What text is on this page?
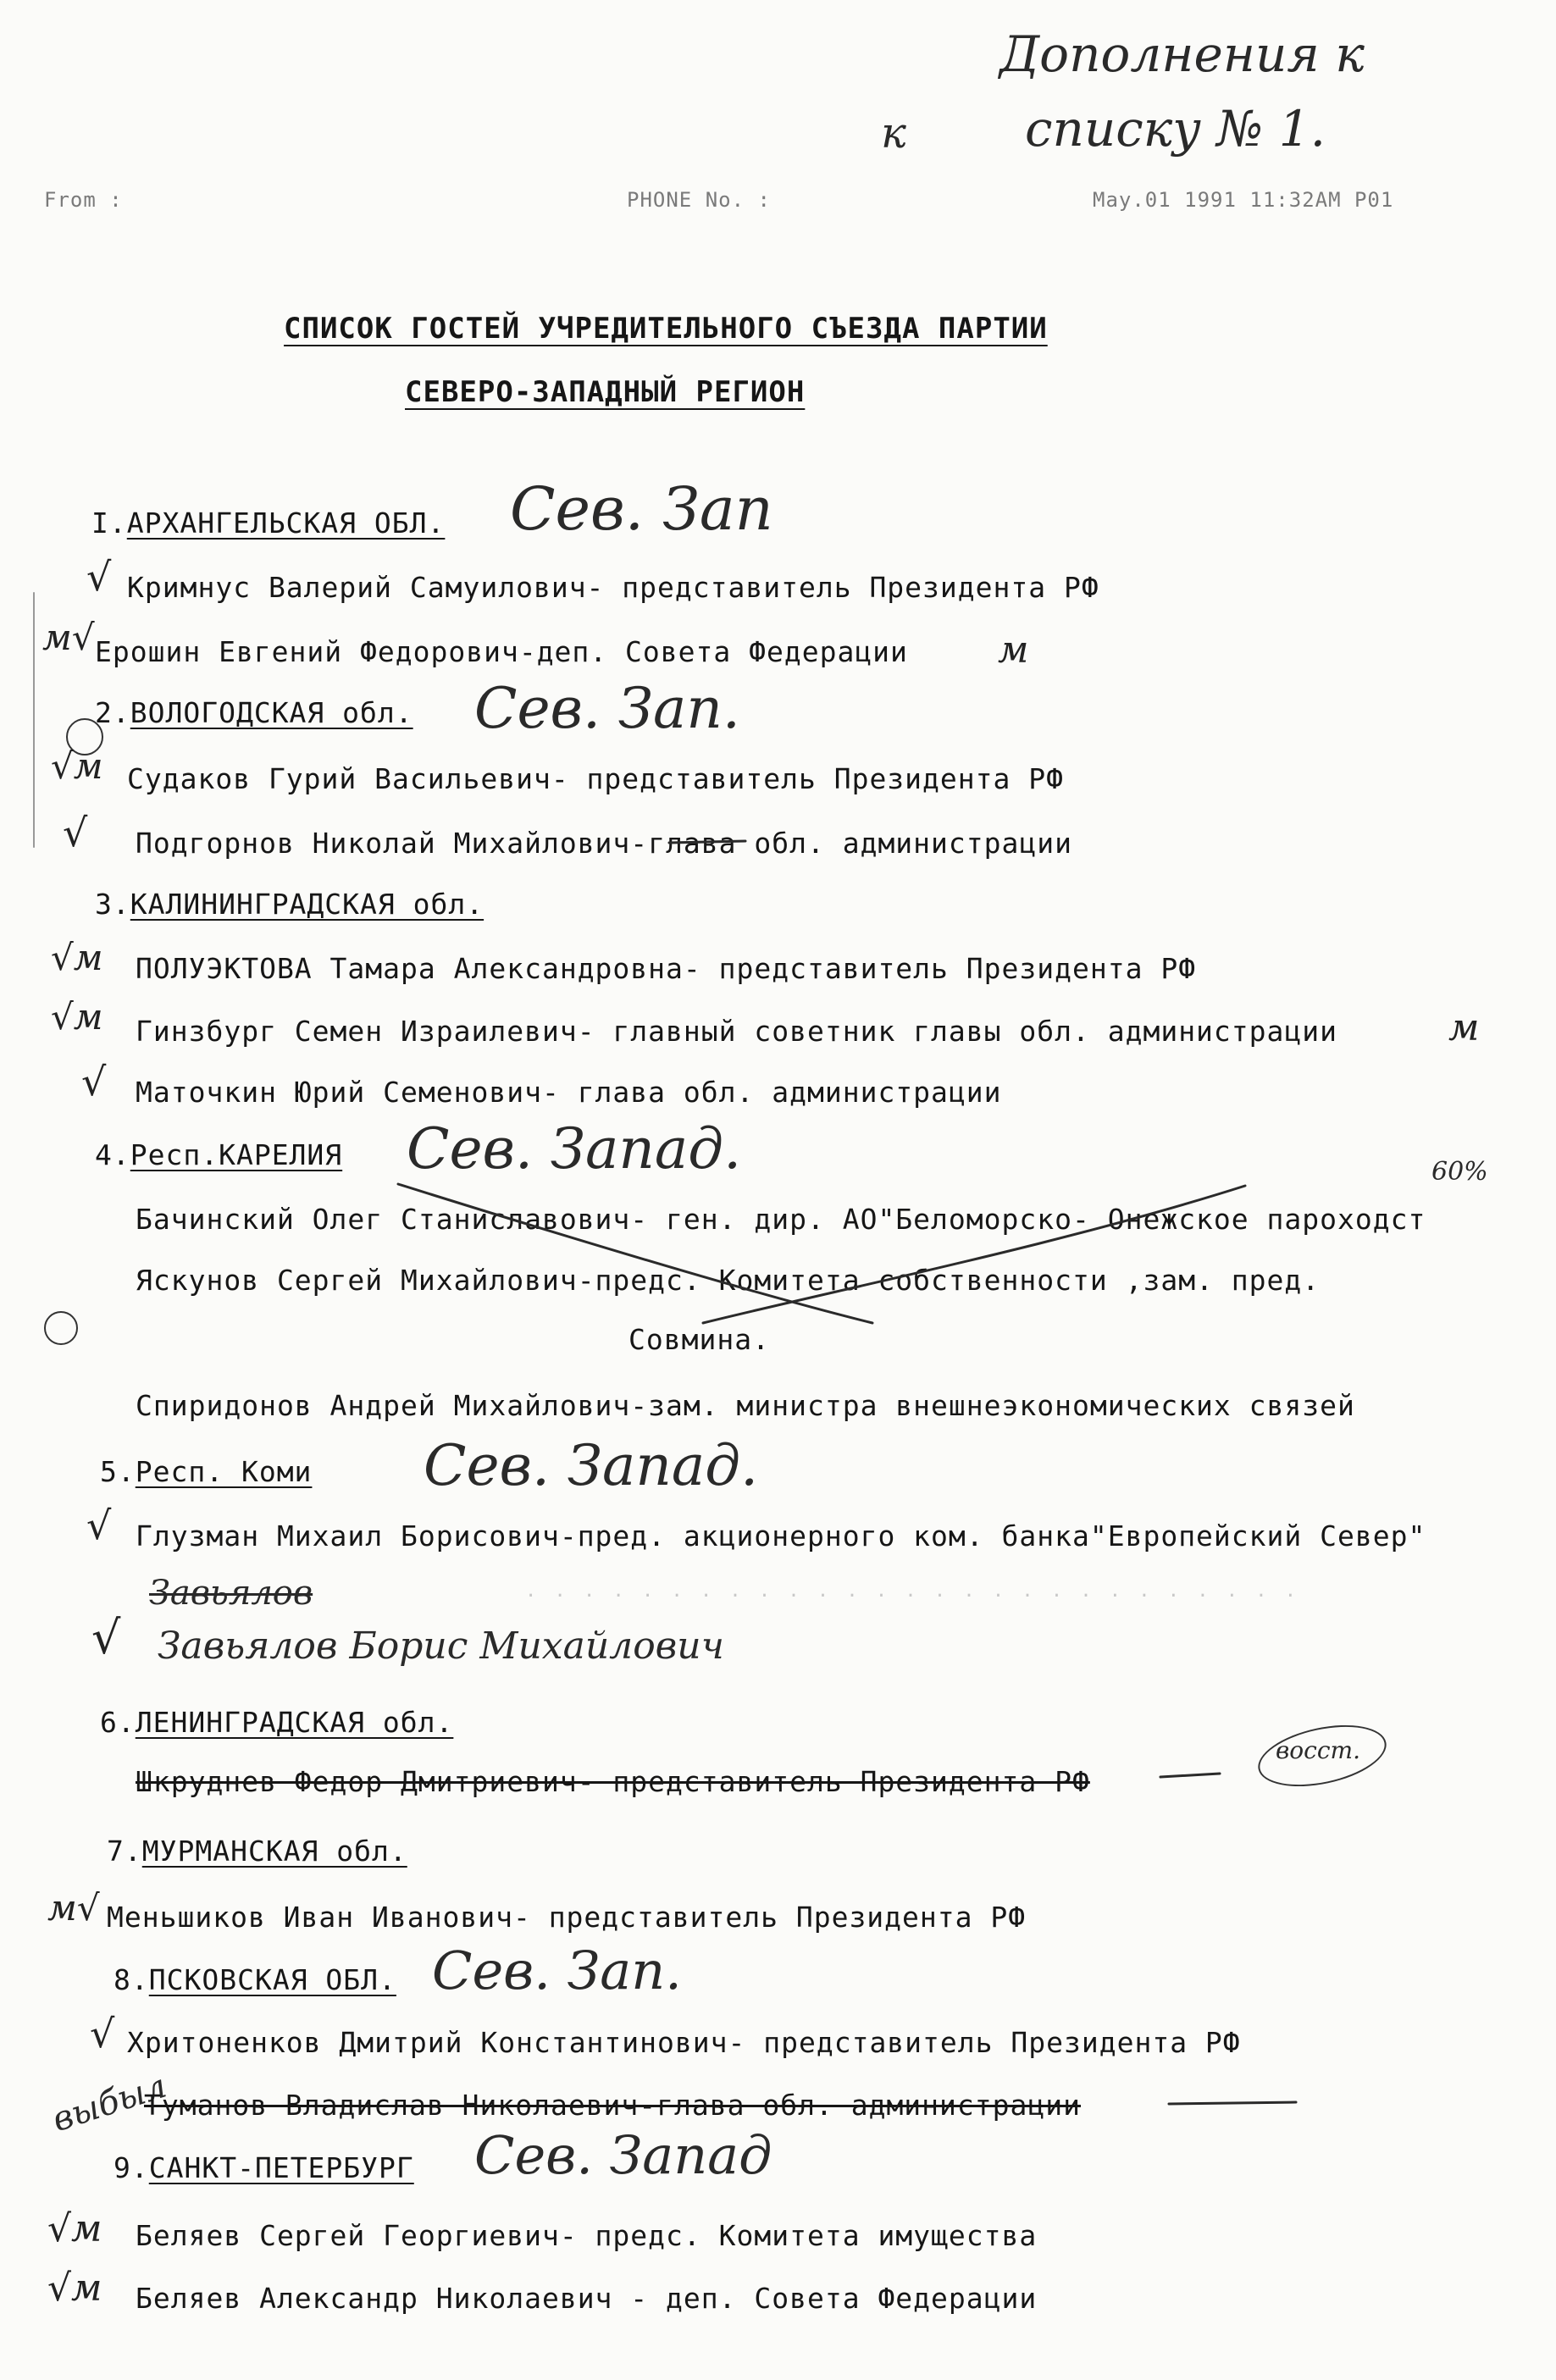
Дополнения к
к списку № 1.
From :	PHONE No. :	May.01 1991 11:32AM P01
СПИСОК ГОСТЕЙ УЧРЕДИТЕЛЬНОГО СЪЕЗДА ПАРТИИ
СЕВЕРО-ЗАПАДНЫЙ РЕГИОН
I.АРХАНГЕЛЬСКАЯ ОБЛ. Сев. Зап
√ Кримнус Валерий Самуилович- представитель Президента РФ
м√ Ерошин Евгений Федорович-деп. Совета Федерации м
2.ВОЛОГОДСКАЯ обл. Сев. Зап.
√м Судаков Гурий Васильевич- представитель Президента РФ
√ Подгорнов Николай Михайлович-глава обл. администрации
3.КАЛИНИНГРАДСКАЯ обл.
√м ПОЛУЭКТОВА Тамара Александровна- представитель Президента РФ
√м Гинзбург Семен Израилевич- главный советник главы обл. администрации	м
√ Маточкин Юрий Семенович- глава обл. администрации
4.Респ.КАРЕЛИЯ Сев. Запад.	60%
Бачинский Олег Станиславович- ген. дир. АО"Беломорско- Онежское пароходст
Яскунов Сергей Михайлович-предс. Комитета собственности ,зам. пред.
Совмина.
Спиридонов Андрей Михайлович-зам. министра внешнеэкономических связей
5.Респ. Коми Сев. Запад.
√ Глузман Михаил Борисович-пред. акционерного ком. банка"Европейский Север"
Завьялов	· · · · · · · · · · · · · · · · · · · · · · · · · · ·
√ Завьялов Борис Михайлович
6.ЛЕНИНГРАДСКАЯ обл.
Шкруднев Федор Дмитриевич- представитель Президента РФ
восст.
7.МУРМАНСКАЯ обл.
м√ Меньшиков Иван Иванович- представитель Президента РФ
8.ПСКОВСКАЯ ОБЛ. Сев. Зап.
√ Хритоненков Дмитрий Константинович- представитель Президента РФ
выбыл
Туманов Владислав Николаевич-глава обл. администрации
9.САНКТ-ПЕТЕРБУРГ Сев. Запад
√м Беляев Сергей Георгиевич- предс. Комитета имущества
√м Беляев Александр Николаевич - деп. Совета Федерации
